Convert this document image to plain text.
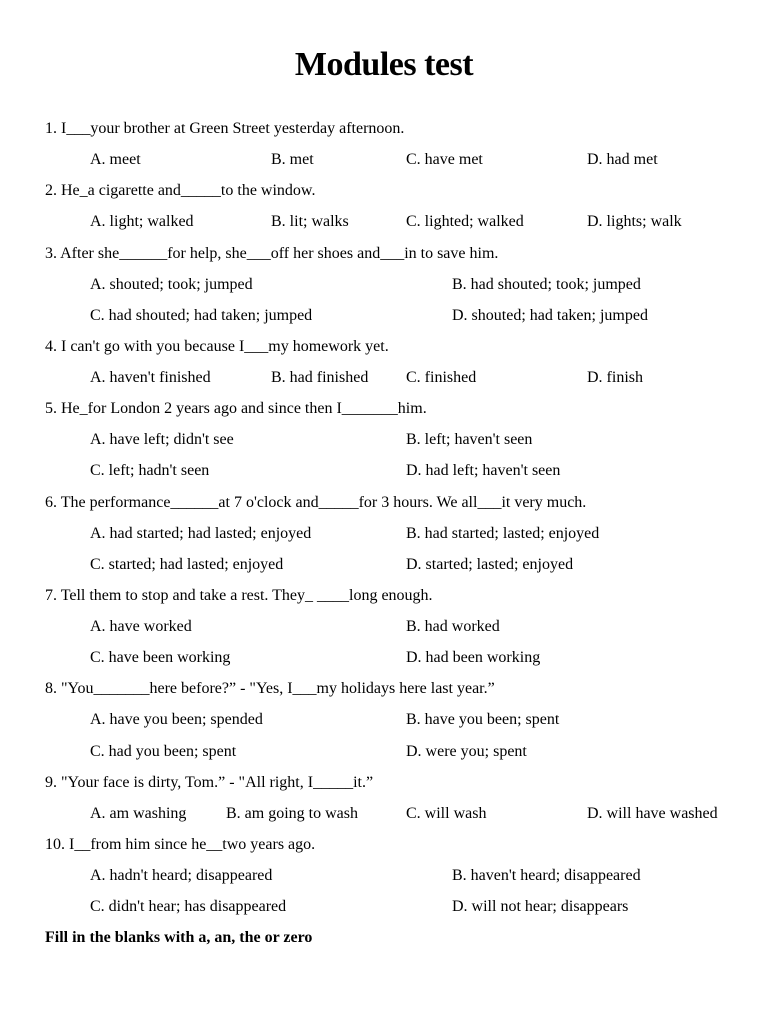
Modules test
1. I___your brother at Green Street yesterday afternoon.
A. meet	B. met	C. have met	D. had met
2. He_a cigarette and_____to the window.
A. light; walked	B. lit; walks	C. lighted; walked	D. lights; walk
3. After she______for help, she___off her shoes and___in to save him.
A. shouted; took; jumped	B. had shouted; took; jumped
C. had shouted; had taken; jumped	D. shouted; had taken; jumped
4. I can't go with you because I___my homework yet.
A. haven't finished	B. had finished C. finished	D. finish
5. He_for London 2 years ago and since then I_______him.
A. have left; didn't see	B. left; haven't seen
C. left; hadn't seen	D. had left; haven't seen
6. The performance______at 7 o'clock and_____for 3 hours. We all___it very much.
A. had started; had lasted; enjoyed	B. had started; lasted; enjoyed
C. started; had lasted; enjoyed	D. started; lasted; enjoyed
7. Tell them to stop and take a rest. They_ ____long enough.
A. have worked	B. had worked
C. have been working	D. had been working
8. "You_______here before?” - "Yes, I___my holidays here last year.”
A. have you been; spended	B. have you been; spent
C. had you been; spent	D. were you; spent
9. "Your face is dirty, Tom.” - "All right, I_____it.”
A. am washing B. am going to wash	C. will wash	D. will have washed
10. I__from him since he__two years ago.
A. hadn't heard; disappeared	B. haven't heard; disappeared
C. didn't hear; has disappeared	D. will not hear; disappears
Fill in the blanks with a, an, the or zero
